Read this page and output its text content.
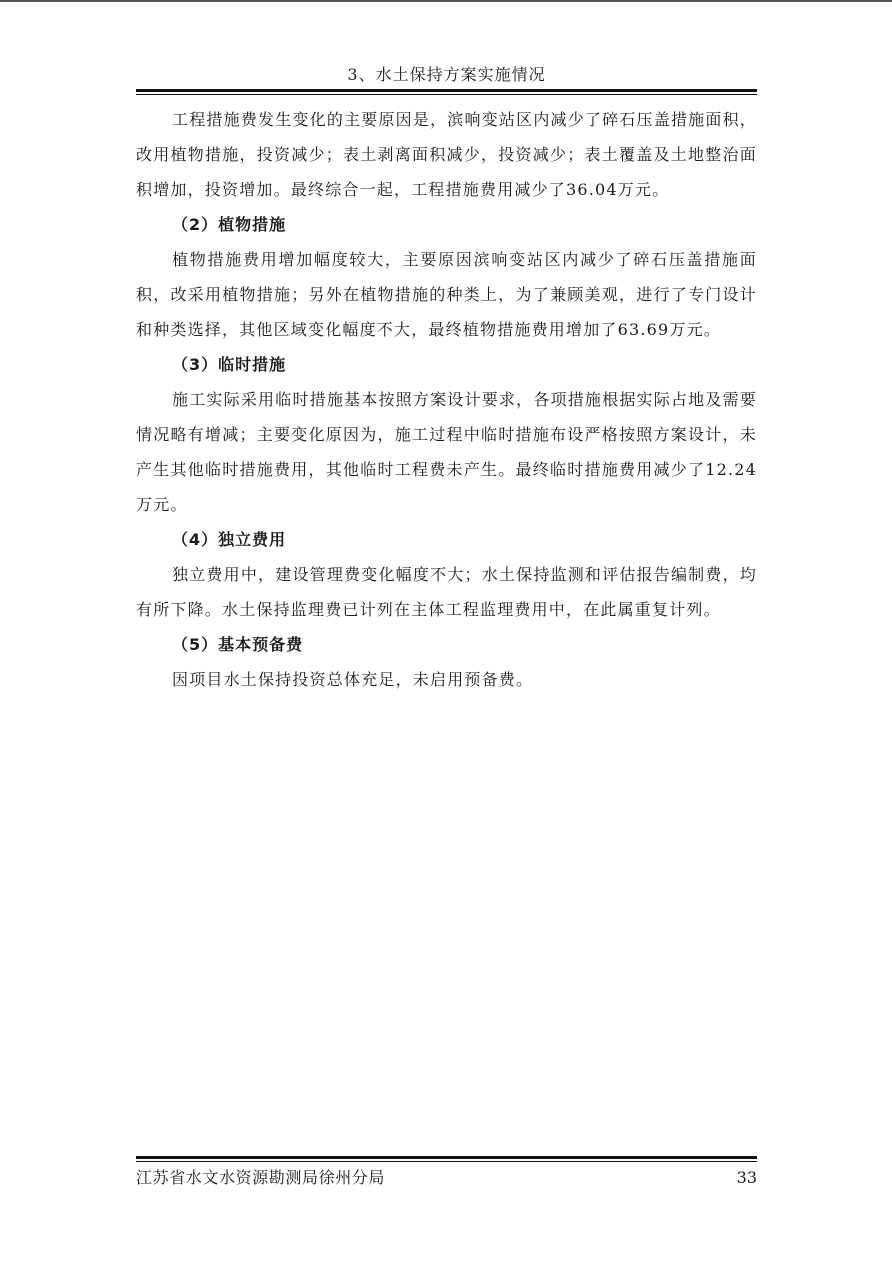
3、水土保持方案实施情况

工程措施费发生变化的主要原因是，滨响变站区内减少了碎石压盖措施面积，改用植物措施，投资减少；表土剥离面积减少，投资减少；表土覆盖及土地整治面积增加，投资增加。最终综合一起，工程措施费用减少了36.04万元。

（2）植物措施

植物措施费用增加幅度较大，主要原因滨响变站区内减少了碎石压盖措施面积，改采用植物措施；另外在植物措施的种类上，为了兼顾美观，进行了专门设计和种类选择，其他区域变化幅度不大，最终植物措施费用增加了63.69万元。

（3）临时措施

施工实际采用临时措施基本按照方案设计要求，各项措施根据实际占地及需要情况略有增减；主要变化原因为，施工过程中临时措施布设严格按照方案设计，未产生其他临时措施费用，其他临时工程费未产生。最终临时措施费用减少了12.24万元。

（4）独立费用

独立费用中，建设管理费变化幅度不大；水土保持监测和评估报告编制费，均有所下降。水土保持监理费已计列在主体工程监理费用中，在此属重复计列。

（5）基本预备费

因项目水土保持投资总体充足，未启用预备费。

江苏省水文水资源勘测局徐州分局	33
